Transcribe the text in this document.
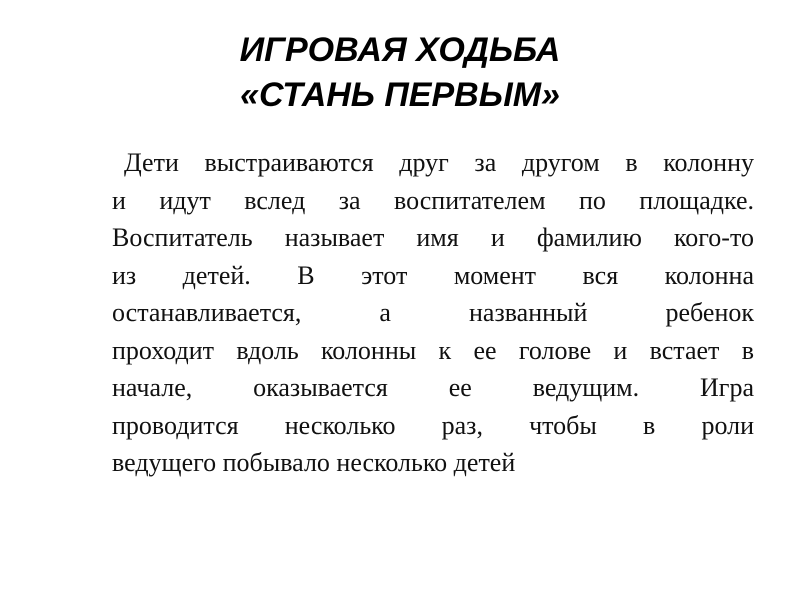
ИГРОВАЯ ХОДЬБА
«СТАНЬ ПЕРВЫМ»
Дети выстраиваются друг за другом в колонну
и идут вслед за воспитателем по площадке.
Воспитатель называет имя и фамилию кого-то
из детей. В этот момент вся колонна
останавливается, а названный ребенок
проходит вдоль колонны к ее голове и встает в
начале, оказывается ее ведущим. Игра
проводится несколько раз, чтобы в роли
ведущего побывало несколько детей
